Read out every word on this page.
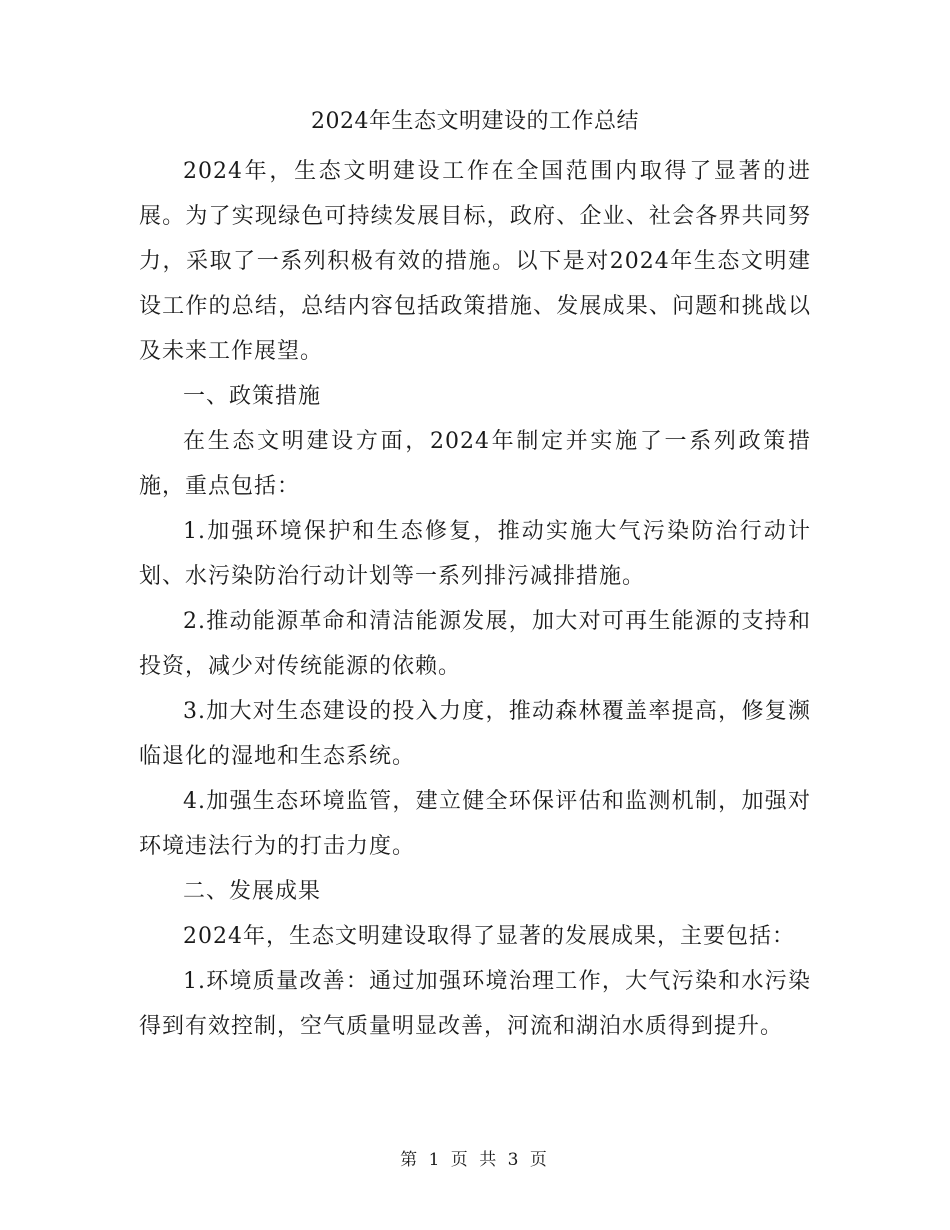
2024年生态文明建设的工作总结

2024年，生态文明建设工作在全国范围内取得了显著的进展。为了实现绿色可持续发展目标，政府、企业、社会各界共同努力，采取了一系列积极有效的措施。以下是对2024年生态文明建设工作的总结，总结内容包括政策措施、发展成果、问题和挑战以及未来工作展望。

一、政策措施

在生态文明建设方面，2024年制定并实施了一系列政策措施，重点包括：

1.加强环境保护和生态修复，推动实施大气污染防治行动计划、水污染防治行动计划等一系列排污减排措施。

2.推动能源革命和清洁能源发展，加大对可再生能源的支持和投资，减少对传统能源的依赖。

3.加大对生态建设的投入力度，推动森林覆盖率提高，修复濒临退化的湿地和生态系统。

4.加强生态环境监管，建立健全环保评估和监测机制，加强对环境违法行为的打击力度。

二、发展成果

2024年，生态文明建设取得了显著的发展成果，主要包括：

1.环境质量改善：通过加强环境治理工作，大气污染和水污染得到有效控制，空气质量明显改善，河流和湖泊水质得到提升。

第 1 页 共 3 页
